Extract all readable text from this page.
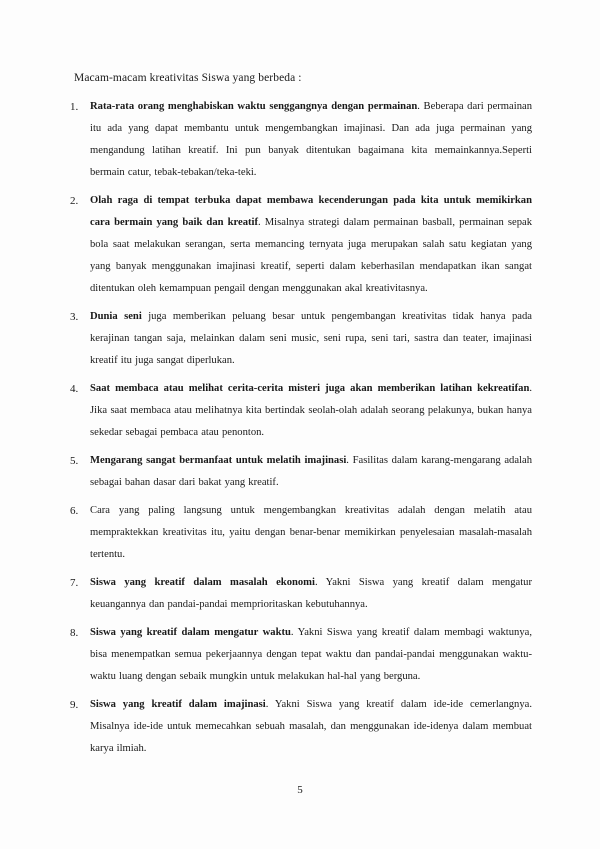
Macam-macam kreativitas Siswa yang berbeda :
1.	Rata-rata orang menghabiskan waktu senggangnya dengan permainan. Beberapa dari permainan itu ada yang dapat membantu untuk mengembangkan imajinasi. Dan ada juga permainan yang mengandung latihan kreatif. Ini pun banyak ditentukan bagaimana kita memainkannya.Seperti bermain catur, tebak-tebakan/teka-teki.
2.	Olah raga di tempat terbuka dapat membawa kecenderungan pada kita untuk memikirkan cara bermain yang baik dan kreatif. Misalnya strategi dalam permainan basball, permainan sepak bola saat melakukan serangan, serta memancing ternyata juga merupakan salah satu kegiatan yang yang banyak menggunakan imajinasi kreatif, seperti dalam keberhasilan mendapatkan ikan sangat ditentukan oleh kemampuan pengail dengan menggunakan akal kreativitasnya.
3.	Dunia seni juga memberikan peluang besar untuk pengembangan kreativitas tidak hanya pada kerajinan tangan saja, melainkan dalam seni music, seni rupa, seni tari, sastra dan teater, imajinasi kreatif itu juga sangat diperlukan.
4.	Saat membaca atau melihat cerita-cerita misteri juga akan memberikan latihan kekreatifan. Jika saat membaca atau melihatnya kita bertindak seolah-olah adalah seorang pelakunya, bukan hanya sekedar sebagai pembaca atau penonton.
5.	Mengarang sangat bermanfaat untuk melatih imajinasi. Fasilitas dalam karang-mengarang adalah sebagai bahan dasar dari bakat yang kreatif.
6.	Cara yang paling langsung untuk mengembangkan kreativitas adalah dengan melatih atau mempraktekkan kreativitas itu, yaitu dengan benar-benar memikirkan penyelesaian masalah-masalah tertentu.
7.	Siswa yang kreatif dalam masalah ekonomi. Yakni Siswa yang kreatif dalam mengatur keuangannya dan pandai-pandai memprioritaskan kebutuhannya.
8.	Siswa yang kreatif dalam mengatur waktu. Yakni Siswa yang kreatif dalam membagi waktunya, bisa menempatkan semua pekerjaannya dengan tepat waktu dan pandai-pandai menggunakan waktu-waktu luang dengan sebaik mungkin untuk melakukan hal-hal yang berguna.
9.	Siswa yang kreatif dalam imajinasi. Yakni Siswa yang kreatif dalam ide-ide cemerlangnya. Misalnya ide-ide untuk memecahkan sebuah masalah, dan menggunakan ide-idenya dalam membuat karya ilmiah.
5
